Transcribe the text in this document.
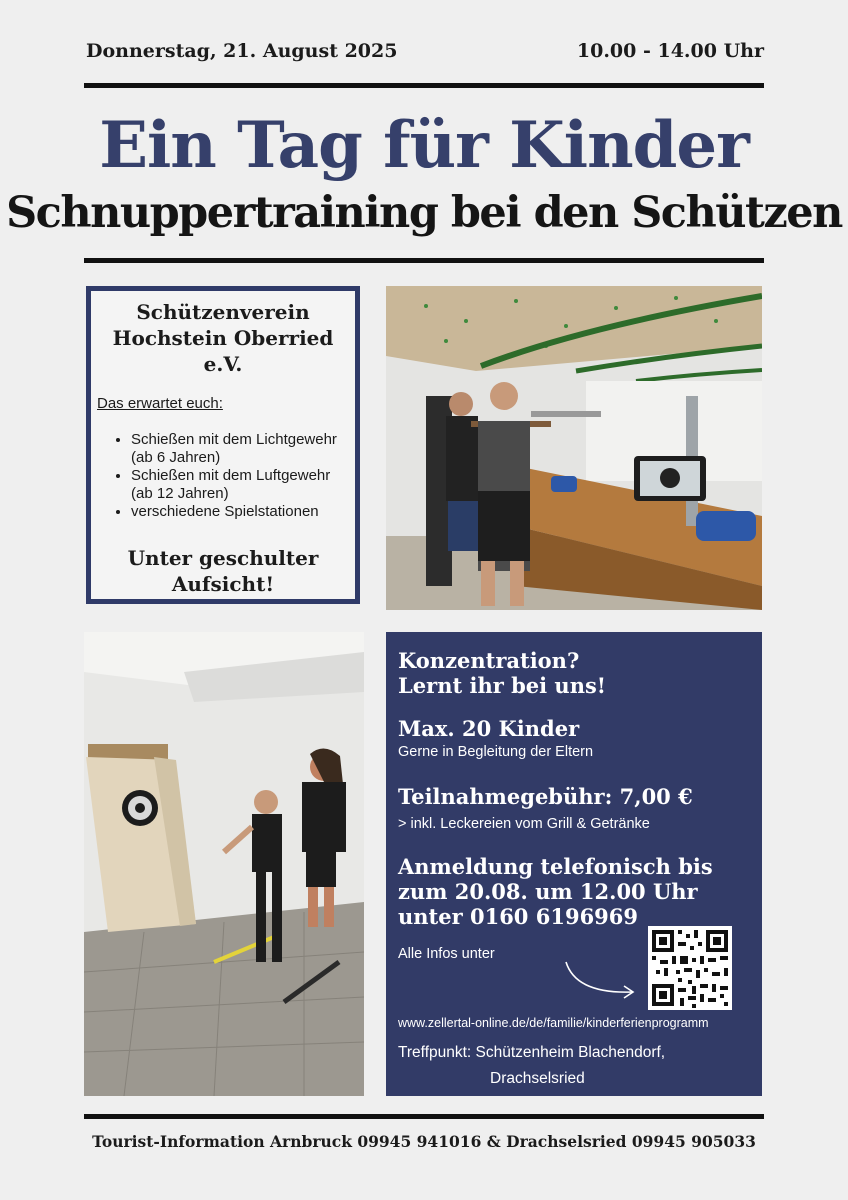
Donnerstag, 21. August 2025	10.00 - 14.00 Uhr
Ein Tag für Kinder
Schnuppertraining bei den Schützen
Schützenverein
Hochstein Oberried
e.V.
Das erwartet euch:
• Schießen mit dem Lichtgewehr (ab 6 Jahren)
• Schießen mit dem Luftgewehr (ab 12 Jahren)
• verschiedene Spielstationen
Unter geschulter
Aufsicht!
Konzentration?
Lernt ihr bei uns!
Max. 20 Kinder
Gerne in Begleitung der Eltern
Teilnahmegebühr: 7,00 €
> inkl. Leckereien vom Grill & Getränke
Anmeldung telefonisch bis
zum 20.08. um 12.00 Uhr
unter 0160 6196969
Alle Infos unter
www.zellertal-online.de/de/familie/kinderferienprogramm
Treffpunkt: Schützenheim Blachendorf,
Drachselsried
Tourist-Information Arnbruck 09945 941016 & Drachselsried 09945 905033
